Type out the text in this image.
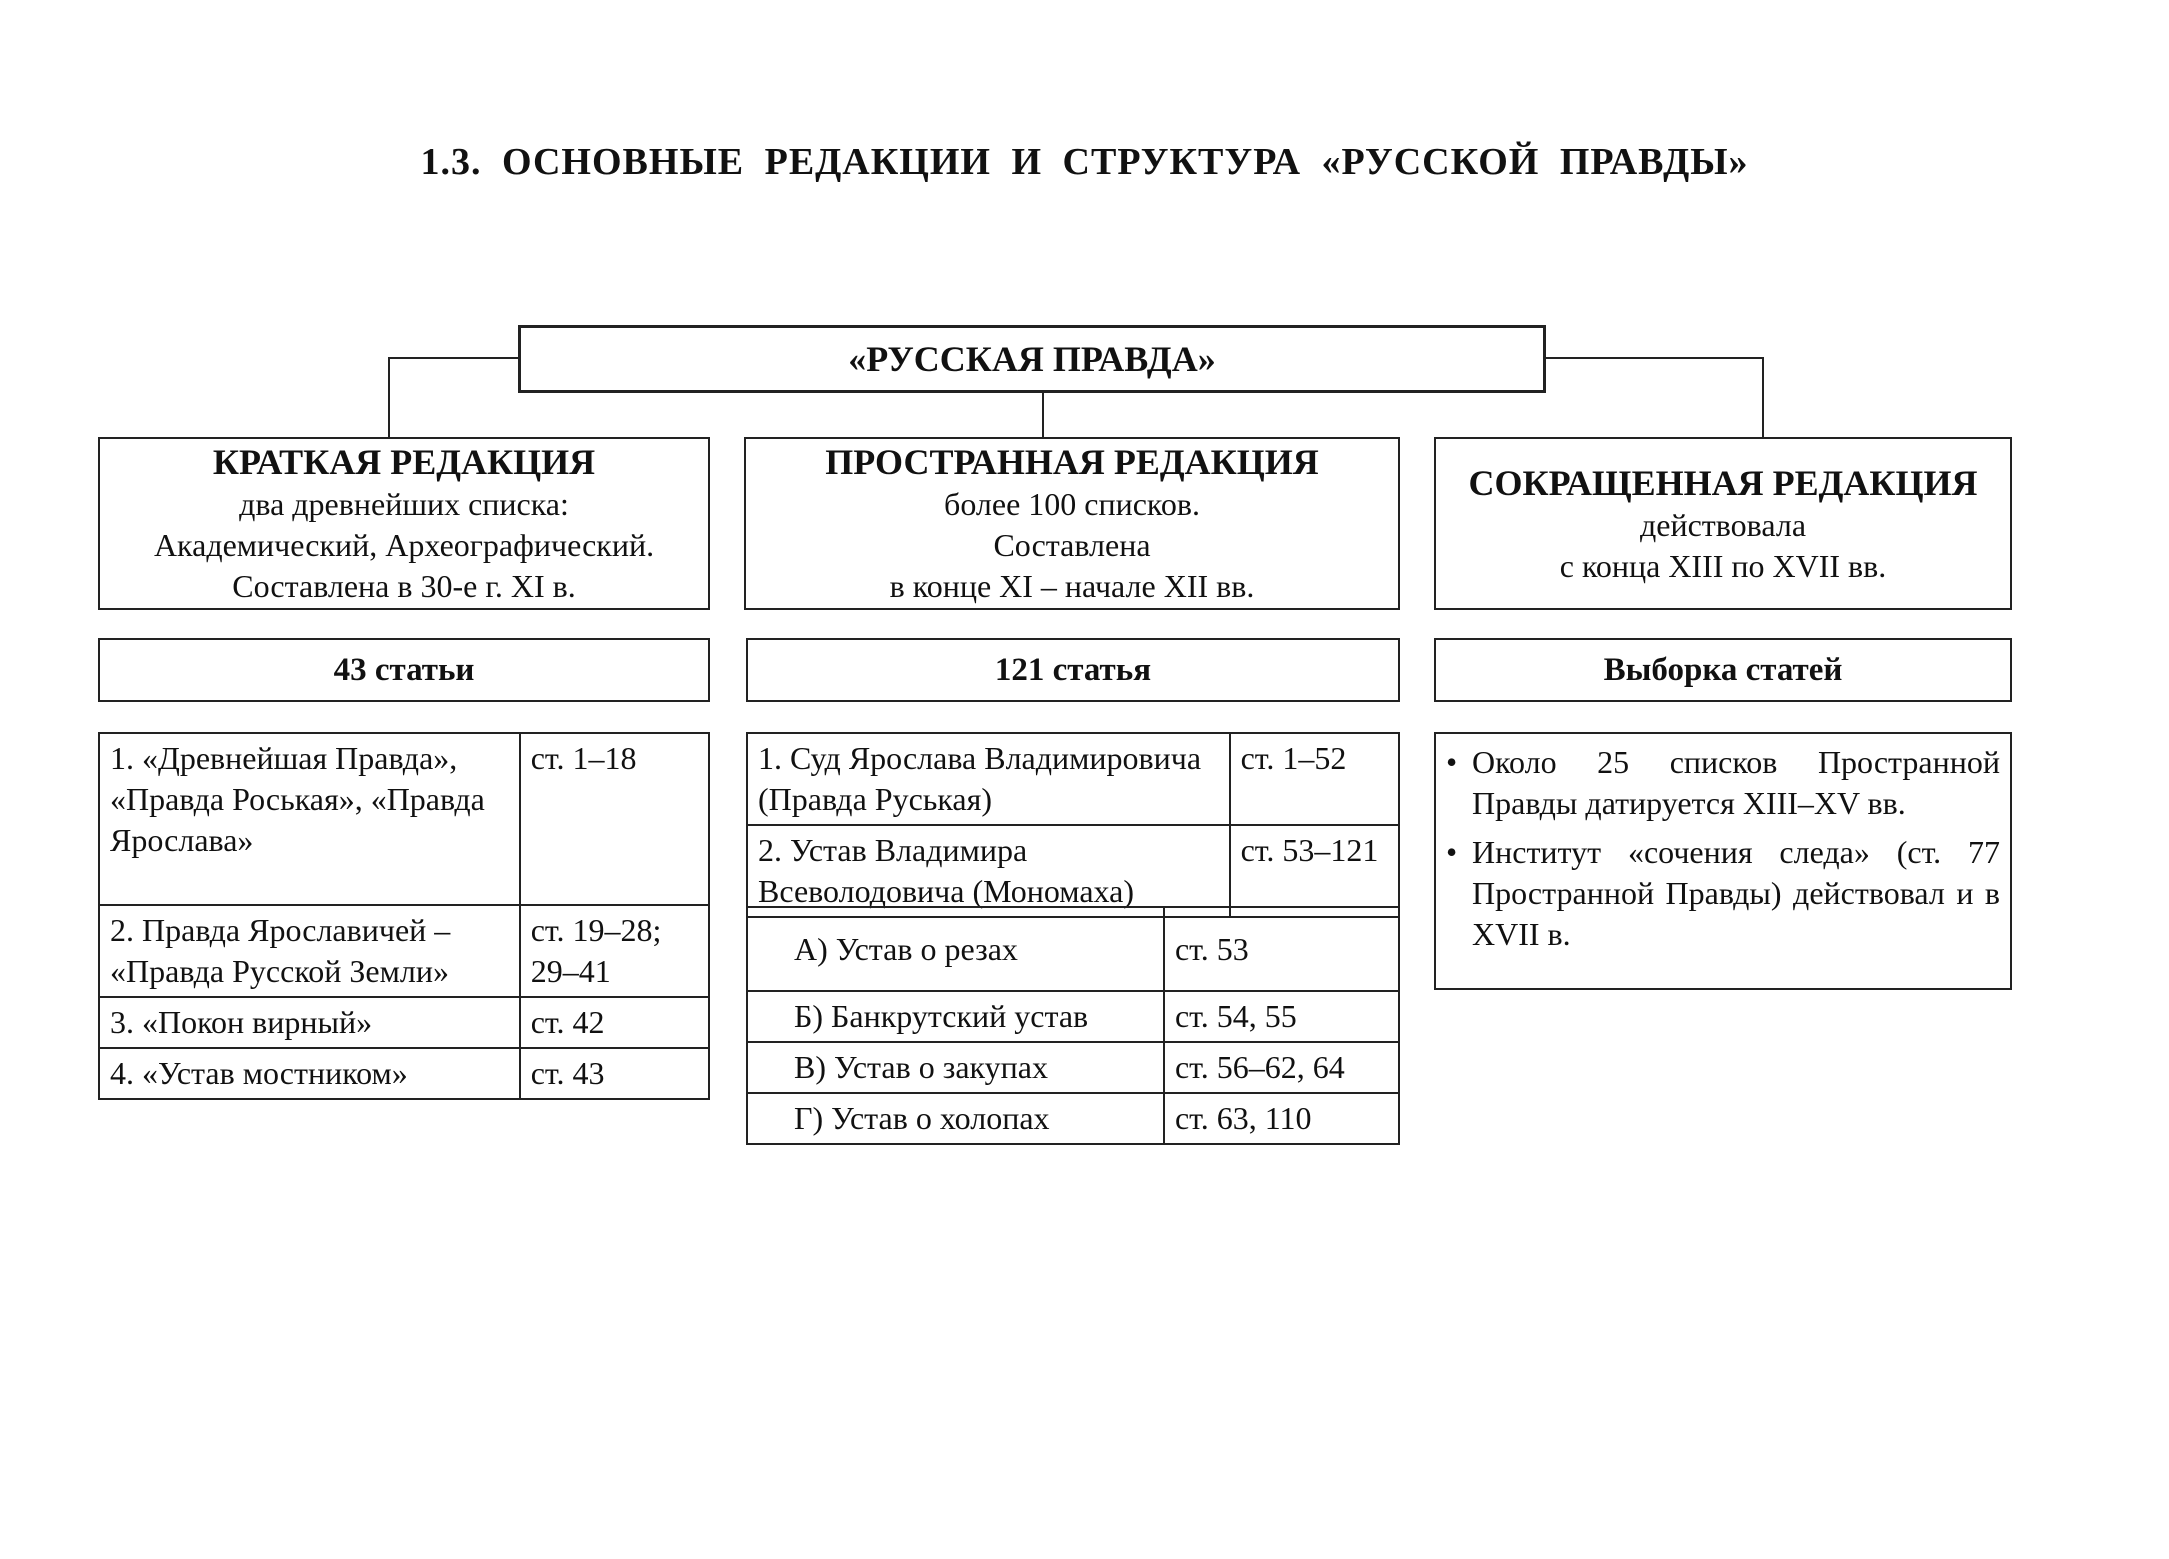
1.3. ОСНОВНЫЕ РЕДАКЦИИ И СТРУКТУРА «РУССКОЙ ПРАВДЫ»
«РУССКАЯ ПРАВДА»
КРАТКАЯ РЕДАКЦИЯ
два древнейших списка:
Академический, Археографический.
Составлена в 30-е г. XI в.
ПРОСТРАННАЯ РЕДАКЦИЯ
более 100 списков.
Составлена
в конце XI – начале XII вв.
СОКРАЩЕННАЯ РЕДАКЦИЯ
действовала
с конца XIII по XVII вв.
43 статьи	121 статья	Выборка статей
1. «Древнейшая Правда», «Правда Роськая», «Правда Ярослава»	ст. 1–18
2. Правда Ярославичей – «Правда Русской Земли»	ст. 19–28; 29–41
3. «Покон вирный»	ст. 42
4. «Устав мостником»	ст. 43
1. Суд Ярослава Владимировича (Правда Руськая)	ст. 1–52
2. Устав Владимира Всеволодовича (Мономаха)	ст. 53–121
А) Устав о резах	ст. 53
Б) Банкрутский устав	ст. 54, 55
В) Устав о закупах	ст. 56–62, 64
Г) Устав о холопах	ст. 63, 110
• Около 25 списков Пространной Правды датируется XIII–XV вв.
• Институт «сочения следа» (ст. 77 Пространной Правды) действовал и в XVII в.
